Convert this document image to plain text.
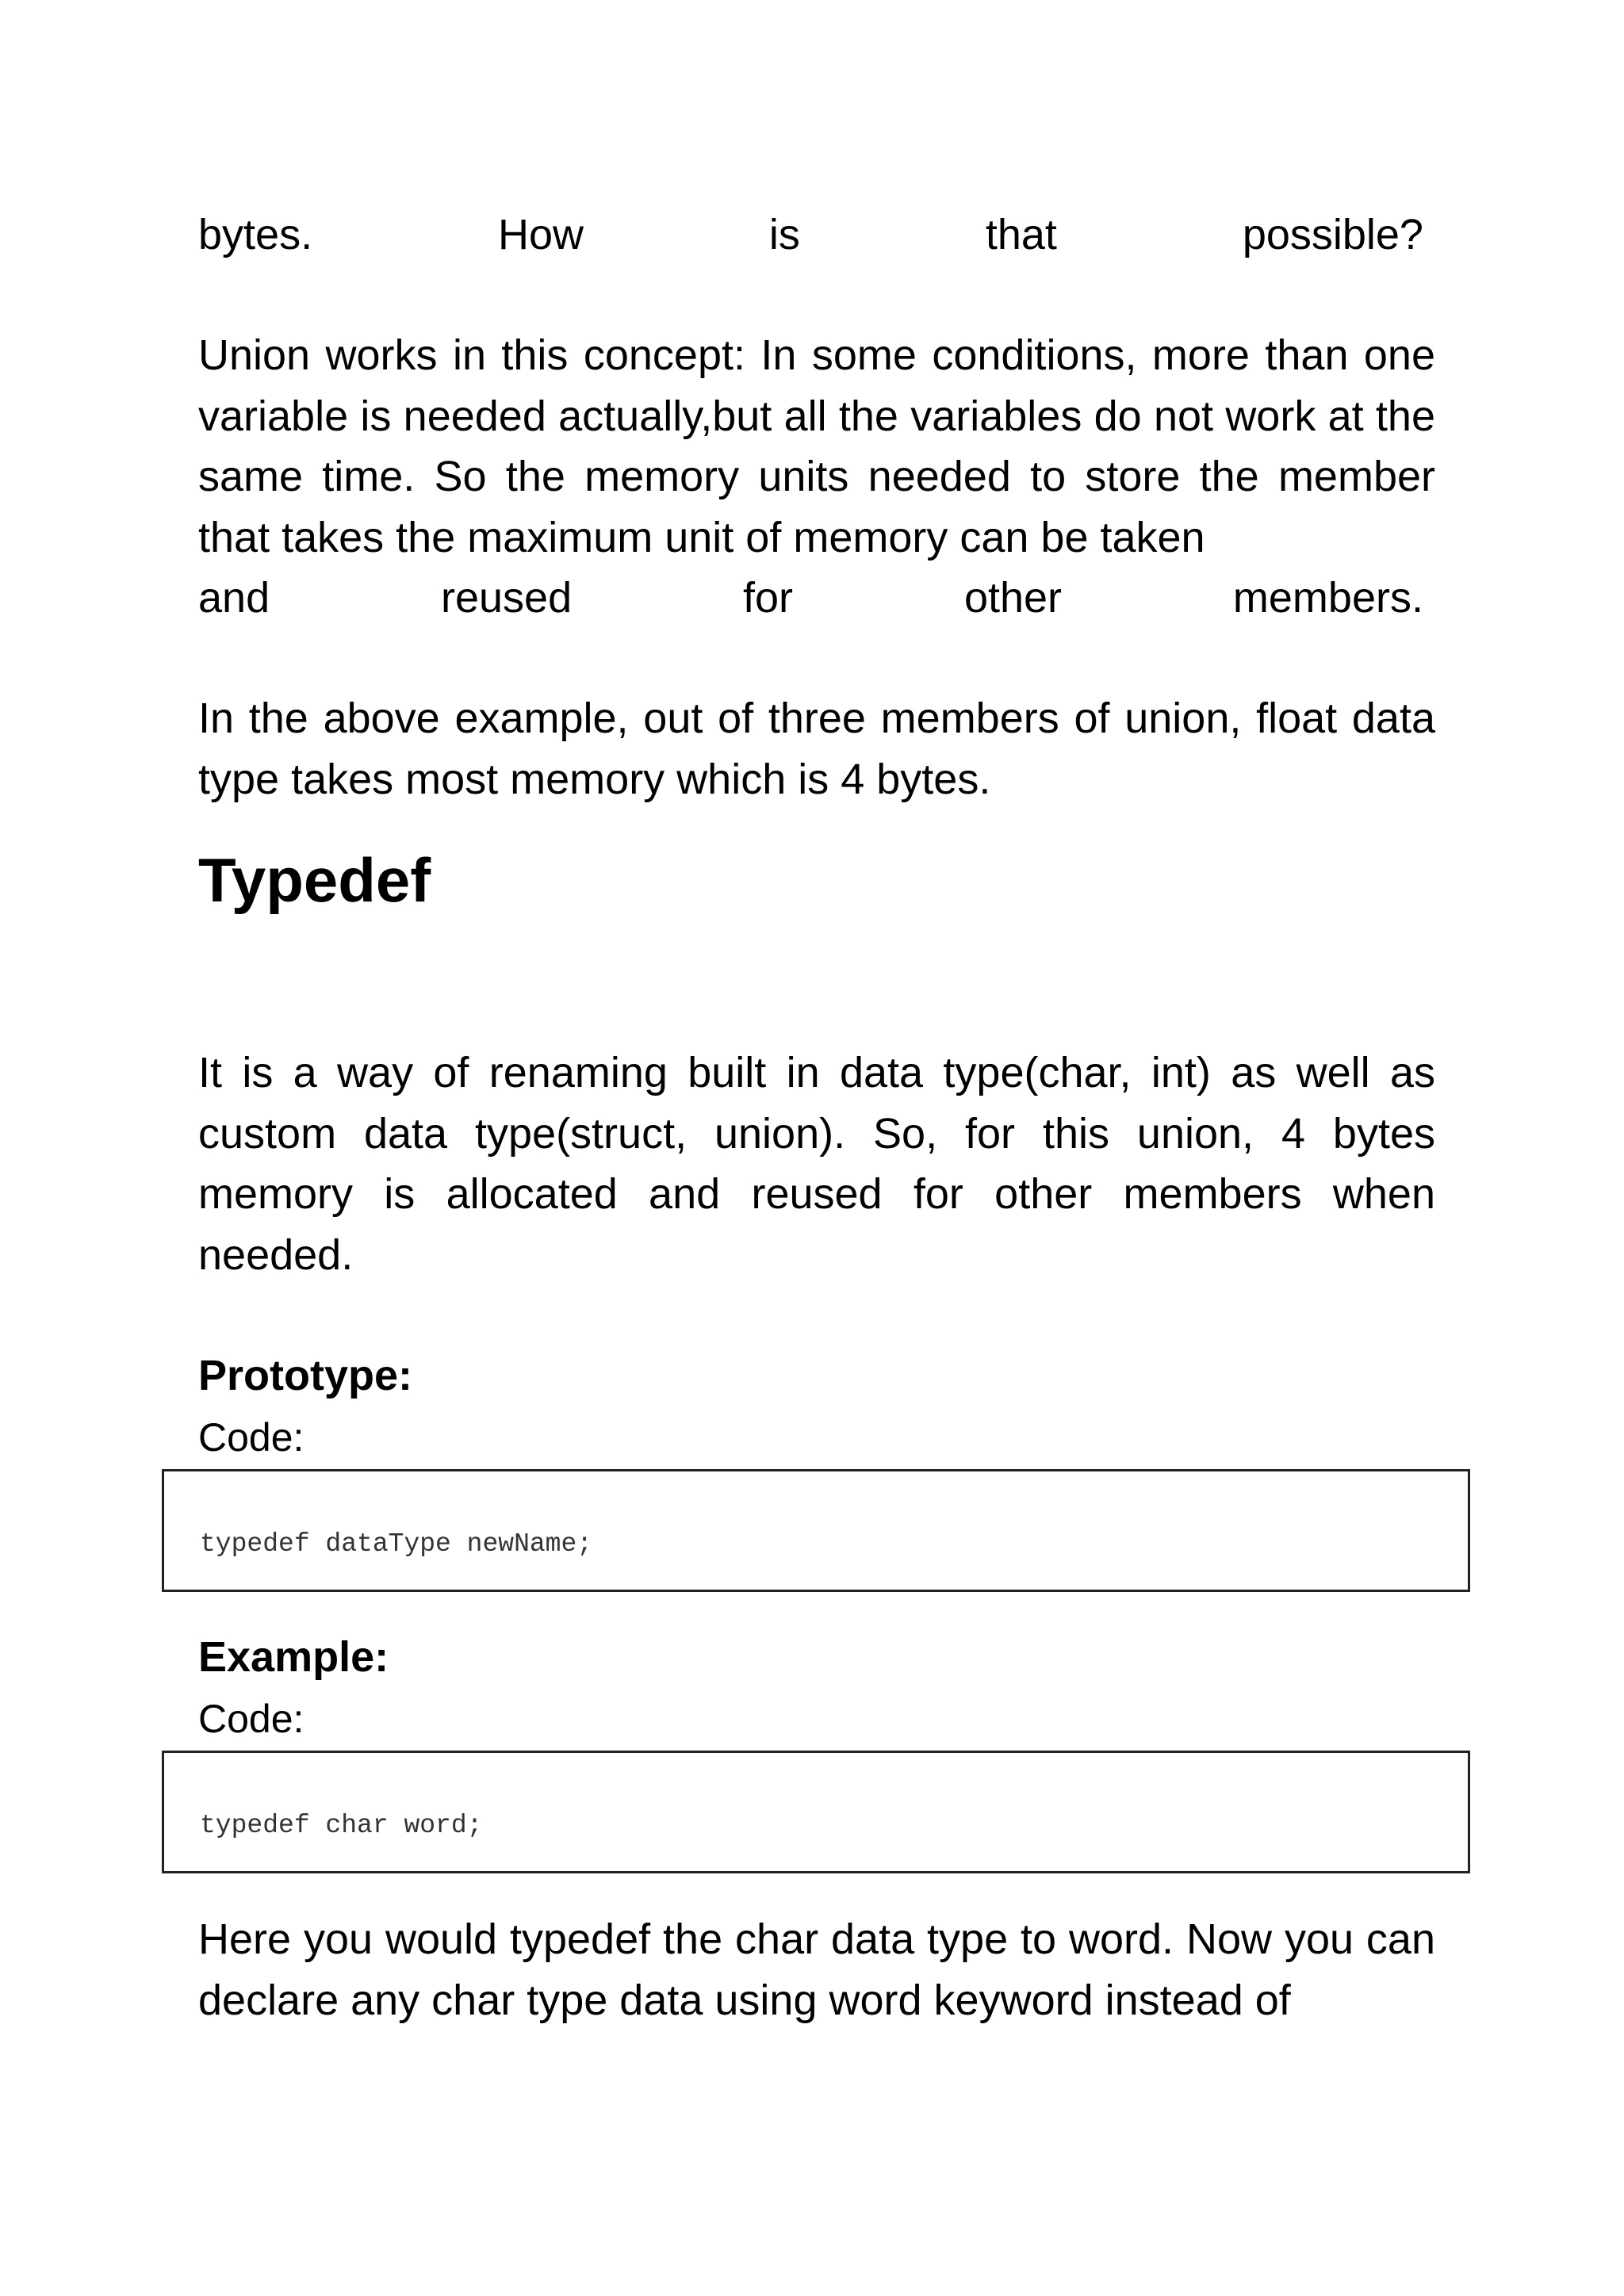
bytes.	How	is	that	possible?

Union works in this concept: In some conditions, more than one variable is needed actually,but all the variables do not work at the same time. So the memory units needed to store the member that takes the maximum unit of memory can be taken

and	reused	for	other	members.

In the above example, out of three members of union, float data type takes most memory which is 4 bytes.

Typedef

It is a way of renaming built in data type(char, int) as well as custom data type(struct, union). So, for this union, 4 bytes memory is allocated and reused for other members when needed.

Prototype:

Code:

typedef dataType newName;
Example:

Code:

typedef char word;

Here you would typedef the char data type to word. Now you can declare any char type data using word keyword instead of
